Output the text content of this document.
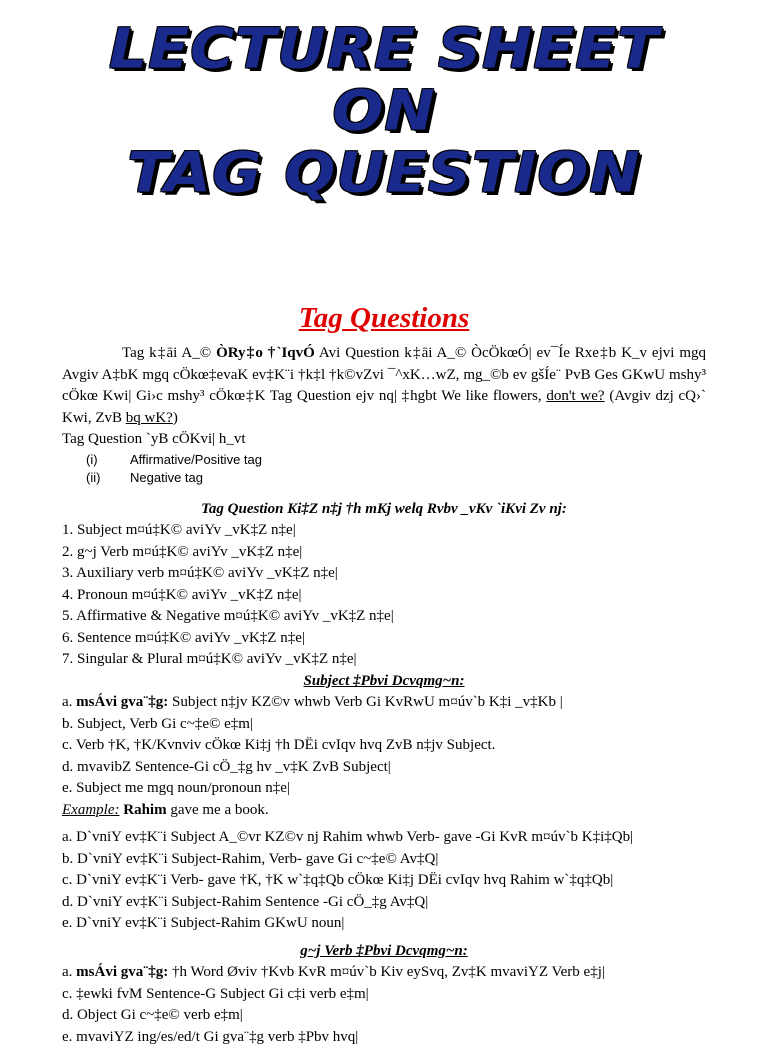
LECTURE SHEET
ON
TAG QUESTION
Tag Questions
Tag k‡āi A_© ÒRy‡o †`IqvÓ Avi Question k‡āi A_© ÒcÖkœÓ| ev¯Íe Rxe‡b K_v ejvi mgq Avgiv A‡bK mgq cÖkœ‡evaK ev‡K¨i †k‡l †k©vZvi ¯^xK…wZ, mg_©b ev gšÍe¨ PvB Ges GKwU mshy³ cÖkœ Kwi| Gi›c mshy³ cÖkœ‡K Tag Question ejv nq| ‡hgbt We like flowers, don't we? (Avgiv dzj cQ›` Kwi, ZvB bq wK?)
Tag Question `yB cÖKvi| h_vt
(i)	Affirmative/Positive tag
(ii)	Negative tag
Tag Question Ki‡Z n‡j †h mKj welq Rvbv _vKv `iKvi Zv nj:
1. Subject m¤ú‡K© aviYv _vK‡Z n‡e|
2. g~j Verb m¤ú‡K© aviYv _vK‡Z n‡e|
3. Auxiliary verb m¤ú‡K© aviYv _vK‡Z n‡e|
4. Pronoun m¤ú‡K© aviYv _vK‡Z n‡e|
5. Affirmative & Negative m¤ú‡K© aviYv _vK‡Z n‡e|
6. Sentence m¤ú‡K© aviYv _vK‡Z n‡e|
7. Singular & Plural m¤ú‡K© aviYv _vK‡Z n‡e|
Subject ‡Pbvi Dcvqmg~n:
a. msÁvi gva¨‡g: Subject n‡jv KZ©v whwb Verb Gi KvRwU m¤úv`b K‡i _v‡Kb |
b. Subject, Verb Gi c~‡e© e‡m|
c. Verb †K, †K/Kvnviv cÖkœ Ki‡j †h DËi cvIqv hvq ZvB n‡jv Subject.
d. mvavibZ Sentence-Gi cÖ_‡g hv _v‡K ZvB Subject|
e. Subject me mgq noun/pronoun n‡e|
Example: Rahim gave me a book.
a. D`vniY ev‡K¨i Subject A_©vr KZ©v nj Rahim whwb Verb- gave -Gi KvR m¤úv`b K‡i‡Qb|
b. D`vniY ev‡K¨i Subject-Rahim, Verb- gave Gi c~‡e© Av‡Q|
c. D`vniY ev‡K¨i Verb- gave †K, †K w`‡q‡Qb cÖkœ Ki‡j DËi cvIqv hvq Rahim w`‡q‡Qb|
d. D`vniY ev‡K¨i Subject-Rahim Sentence -Gi cÖ_‡g Av‡Q|
e. D`vniY ev‡K¨i Subject-Rahim GKwU noun|
g~j Verb ‡Pbvi Dcvqmg~n:
a. msÁvi gva¨‡g: †h Word Øviv †Kvb KvR m¤úv`b Kiv eySvq, Zv‡K mvaviYZ Verb e‡j|
c. ‡ewki fvM Sentence-G Subject Gi c‡i verb e‡m|
d. Object Gi c~‡e© verb e‡m|
e. mvaviYZ ing/es/ed/t Gi gva¨‡g verb ‡Pbv hvq|
